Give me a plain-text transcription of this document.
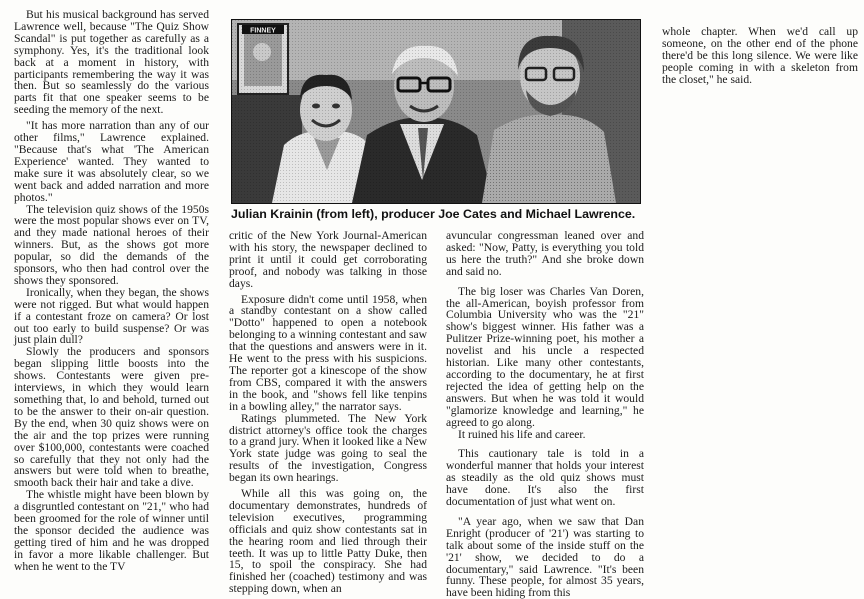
But his musical background has served Lawrence well, because "The Quiz Show Scandal" is put together as carefully as a symphony. Yes, it's the traditional look back at a moment in history, with participants remembering the way it was then. But so seamlessly do the various parts fit that one speaker seems to be seeding the memory of the next.

"It has more narration than any of our other films," Lawrence explained. "Because that's what 'The American Experience' wanted. They wanted to make sure it was absolutely clear, so we went back and added narration and more photos."

The television quiz shows of the 1950s were the most popular shows ever on TV, and they made national heroes of their winners. But, as the shows got more popular, so did the demands of the sponsors, who then had control over the shows they sponsored.

Ironically, when they began, the shows were not rigged. But what would happen if a contestant froze on camera? Or lost out too early to build suspense? Or was just plain dull?

Slowly the producers and sponsors began slipping little boosts into the shows. Contestants were given pre-interviews, in which they would learn something that, lo and behold, turned out to be the answer to their on-air question. By the end, when 30 quiz shows were on the air and the top prizes were running over $100,000, contestants were coached so carefully that they not only had the answers but were told when to breathe, smooth back their hair and take a dive.

The whistle might have been blown by a disgruntled contestant on "21," who had been groomed for the role of winner until the sponsor decided the audience was getting tired of him and he was dropped in favor a more likable challenger. But when he went to the TV

Julian Krainin (from left), producer Joe Cates and Michael Lawrence.

critic of the New York Journal-American with his story, the newspaper declined to print it until it could get corroborating proof, and nobody was talking in those days.

Exposure didn't come until 1958, when a standby contestant on a show called "Dotto" happened to open a notebook belonging to a winning contestant and saw that the questions and answers were in it. He went to the press with his suspicions. The reporter got a kinescope of the show from CBS, compared it with the answers in the book, and "shows fell like tenpins in a bowling alley," the narrator says.

Ratings plummeted. The New York district attorney's office took the charges to a grand jury. When it looked like a New York state judge was going to seal the results of the investigation, Congress began its own hearings.

While all this was going on, the documentary demonstrates, hundreds of television executives, programming officials and quiz show contestants sat in the hearing room and lied through their teeth. It was up to little Patty Duke, then 15, to spoil the conspiracy. She had finished her (coached) testimony and was stepping down, when an

avuncular congressman leaned over and asked: "Now, Patty, is everything you told us here the truth?" And she broke down and said no.

The big loser was Charles Van Doren, the all-American, boyish professor from Columbia University who was the "21" show's biggest winner. His father was a Pulitzer Prize-winning poet, his mother a novelist and his uncle a respected historian. Like many other contestants, according to the documentary, he at first rejected the idea of getting help on the answers. But when he was told it would "glamorize knowledge and learning," he agreed to go along.

It ruined his life and career.

This cautionary tale is told in a wonderful manner that holds your interest as steadily as the old quiz shows must have done. It's also the first documentation of just what went on.

"A year ago, when we saw that Dan Enright (producer of '21') was starting to talk about some of the inside stuff on the '21' show, we decided to do a documentary," said Lawrence. "It's been funny. These people, for almost 35 years, have been hiding from this

whole chapter. When we'd call up someone, on the other end of the phone there'd be this long silence. We were like people coming in with a skeleton from the closet," he said.
